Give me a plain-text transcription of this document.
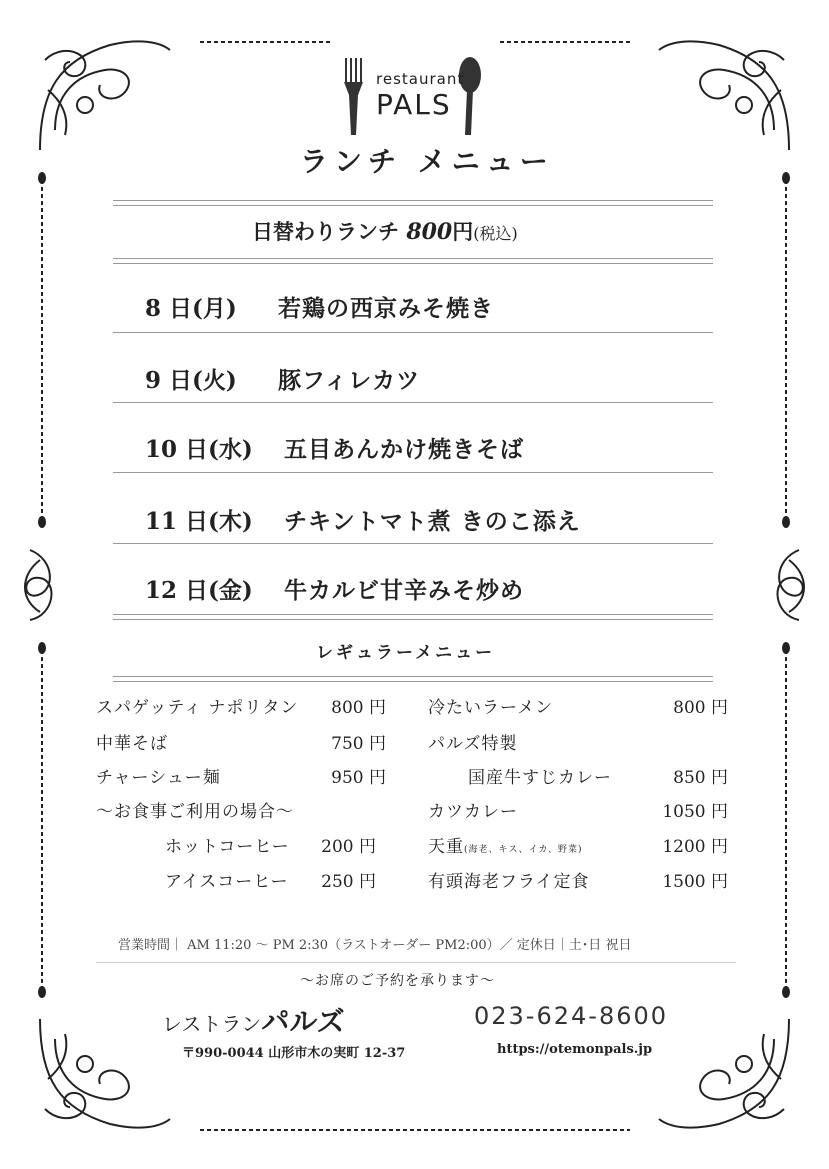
restaurant
PALS
ランチ メニュー
日替わりランチ 800円(税込)
8 日(月) 若鶏の西京みそ焼き
9 日(火) 豚フィレカツ
10 日(水) 五目あんかけ焼きそば
11 日(木) チキントマト煮 きのこ添え
12 日(金) 牛カルビ甘辛みそ炒め
レギュラーメニュー
スパゲッティ ナポリタン	800 円
中華そば	750 円
チャーシュー麺	950 円
～お食事ご利用の場合～
ホットコーヒー	200 円
アイスコーヒー	250 円
冷たいラーメン	800 円
パルズ特製
国産牛すじカレー	850 円
カツカレー	1050 円
天重(海老、キス、イカ、野菜)	1200 円
有頭海老フライ定食	1500 円
営業時間｜ AM 11:20 ～ PM 2:30（ラストオーダー PM2:00）／ 定休日｜土･日 祝日
～お席のご予約を承ります～
レストランパルズ	023-624-8600
〒990-0044 山形市木の実町 12-37	https://otemonpals.jp
